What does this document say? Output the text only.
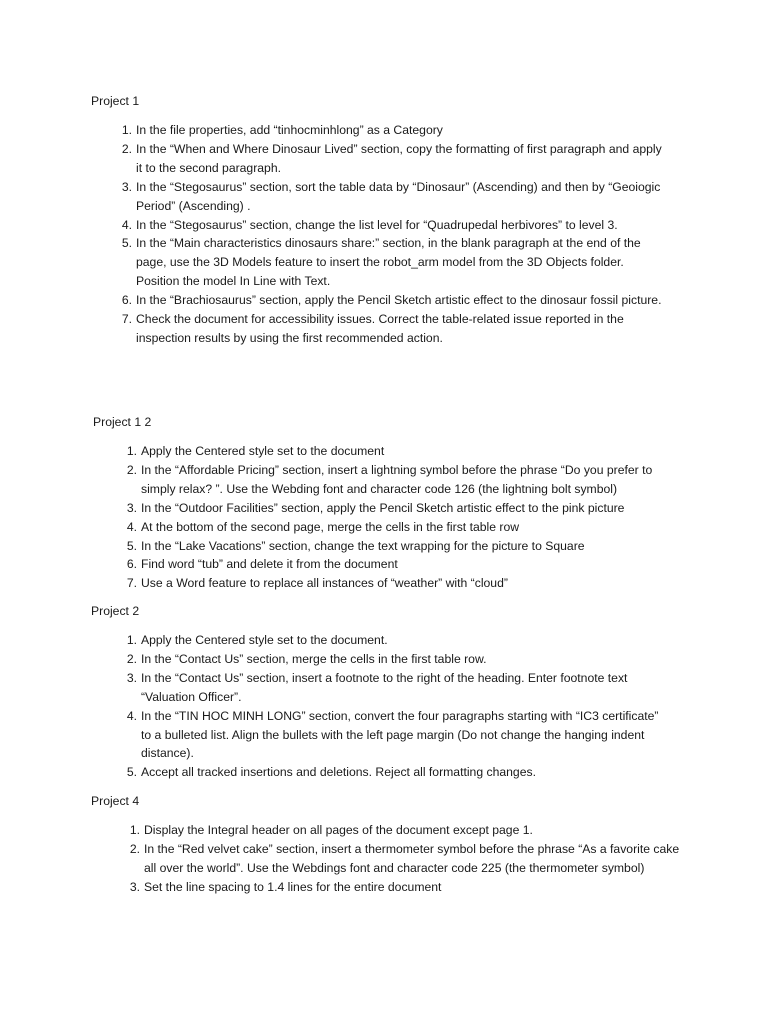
Project 1
1. In the file properties, add “tinhocminhlong” as a Category
2. In the “When and Where Dinosaur Lived” section, copy the formatting of first paragraph and apply it to the second paragraph.
3. In the “Stegosaurus” section, sort the table data by “Dinosaur” (Ascending) and then by “Geoiogic Period” (Ascending) .
4. In the “Stegosaurus” section, change the list level for “Quadrupedal herbivores” to level 3.
5. In the “Main characteristics dinosaurs share:” section, in the blank paragraph at the end of the page, use the 3D Models feature to insert the robot_arm model from the 3D Objects folder. Position the model In Line with Text.
6. In the “Brachiosaurus” section, apply the Pencil Sketch artistic effect to the dinosaur fossil picture.
7. Check the document for accessibility issues. Correct the table-related issue reported in the inspection results by using the first recommended action.
Project 1 2
1. Apply the Centered style set to the document
2. In the “Affordable Pricing” section, insert a lightning symbol before the phrase “Do you prefer to simply relax? ”. Use the Webding font and character code 126 (the lightning bolt symbol)
3. In the “Outdoor Facilities” section, apply the Pencil Sketch artistic effect to the pink picture
4. At the bottom of the second page, merge the cells in the first table row
5. In the “Lake Vacations” section, change the text wrapping for the picture to Square
6. Find word “tub” and delete it from the document
7. Use a Word feature to replace all instances of “weather” with “cloud”
Project 2
1. Apply the Centered style set to the document.
2. In the “Contact Us” section, merge the cells in the first table row.
3. In the “Contact Us” section, insert a footnote to the right of the heading. Enter footnote text “Valuation Officer”.
4. In the “TIN HOC MINH LONG” section, convert the four paragraphs starting with “IC3 certificate” to a bulleted list. Align the bullets with the left page margin (Do not change the hanging indent distance).
5. Accept all tracked insertions and deletions. Reject all formatting changes.
Project 4
1. Display the Integral header on all pages of the document except page 1.
2. In the “Red velvet cake” section, insert a thermometer symbol before the phrase “As a favorite cake all over the world”. Use the Webdings font and character code 225 (the thermometer symbol)
3. Set the line spacing to 1.4 lines for the entire document
